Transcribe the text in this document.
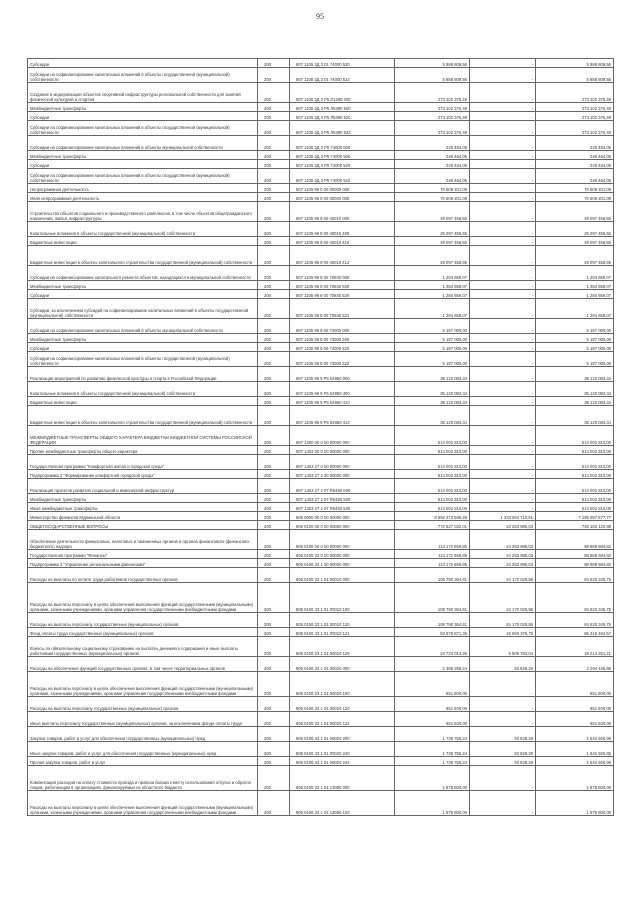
95
Субсидии	200	807 1105 2Д 3 01 74000 520	5 888 809,56	-	5 888 809,56
Субсидии на софинансирование капитальных вложений в объекты государственной (муниципальной) собственности	200	807 1105 2Д 3 01 74000 522	5 888 809,56	-	5 888 809,56
Создание и модернизация объектов спортивной инфраструктуры региональной собственности для занятий физической культурой и спортом	200	807 1105 2Д 3 Р5 Л1290 000	273 102 376,49	-	273 102 376,49
Межбюджетные трансферты	200	807 1105 2Д 3 Р5 Л5390 500	273 102 376,49	-	273 102 376,49
Субсидии	200	807 1105 2Д 3 Р5 Л5390 520	273 102 376,49	-	273 102 376,49
Субсидии на софинансирование капитальных вложений в объекты государственной (муниципальной) собственности	200	807 1105 2Д 3 Р5 Л5390 522	273 102 376,49	-	273 102 376,49
Субсидии на софинансирование капитальных вложений в объекты муниципальной собственности	200	807 1105 2Д 3 Р5 74000 000	226 484,05	-	226 484,05
Межбюджетные трансферты	200	807 1105 2Д 3 Р5 74000 500	226 484,05	-	226 484,05
Субсидии	200	807 1105 2Д 3 Р5 74000 520	226 484,05	-	226 484,05
Субсидии на софинансирование капитальных вложений в объекты государственной (муниципальной) собственности	200	807 1105 2Д 3 Р5 74000 522	226 484,05	-	226 484,05
Непрограммная деятельность	200	807 1105 99 0 00 00000 000	70 609 201,09	-	70 609 201,09
Иная непрограммная деятельность	200	807 1105 99 9 00 00000 000	70 609 201,09	-	70 609 201,09
Строительство объектов социального и производственного комплексов, в том числе объектов общегражданского назначения, жилья, инфраструктуры	200	807 1105 99 9 00 40010 000	29 097 456,65	-	29 097 456,65
Капитальные вложения в объекты государственной (муниципальной) собственности	200	807 1105 99 9 00 40010 400	29 097 456,65	-	29 097 456,65
Бюджетные инвестиции	200	807 1105 99 9 00 40010 410	29 097 456,65	-	29 097 456,65
Бюджетные инвестиции в объекты капитального строительства государственной (муниципальной) собственности	200	807 1105 99 9 00 40010 414	29 097 456,65	-	29 097 456,65
Субсидии на софинансирование капитального ремонта объектов, находящихся в муниципальной собственности	200	807 1105 99 9 00 70840 000	1 284 659,07	-	1 284 659,07
Межбюджетные трансферты	200	807 1105 99 9 00 70840 500	1 284 659,07	-	1 284 659,07
Субсидии	200	807 1105 99 9 00 70840 520	1 284 659,07	-	1 284 659,07
Субсидии, за исключением субсидий на софинансирование капитальных вложений в объекты государственной (муниципальной) собственности	200	807 1105 99 9 00 70840 521	1 284 659,07	-	1 284 659,07
Субсидии на софинансирование капитальных вложений в объекты муниципальной собственности	200	807 1105 99 9 00 74000 000	5 187 000,00	-	5 187 000,00
Межбюджетные трансферты	200	807 1105 99 9 00 74000 500	5 187 000,00	-	5 187 000,00
Субсидии	200	807 1105 99 9 00 74000 520	5 187 000,00	-	5 187 000,00
Субсидии на софинансирование капитальных вложений в объекты государственной (муниципальной) собственности	200	807 1105 99 9 00 74000 522	5 187 000,00	-	5 187 000,00
Реализация мероприятий по развитию физической культуры и спорта в Российской Федерации	200	807 1105 99 9 P5 54950 000	35 120 083,34	-	35 120 083,34
Капитальные вложения в объекты государственной (муниципальной) собственности	200	807 1105 99 9 P5 54950 400	35 120 083,34	-	35 120 083,34
Бюджетные инвестиции	200	807 1105 99 9 P5 54950 410	35 120 083,34	-	35 120 083,34
Бюджетные инвестиции в объекты капитального строительства государственной (муниципальной) собственности	200	807 1105 99 9 P5 54950 414	35 120 083,34	-	35 120 083,34
МЕЖБЮДЖЕТНЫЕ ТРАНСФЕРТЫ ОБЩЕГО ХАРАКТЕРА БЮДЖЕТАМ БЮДЖЕТНОЙ СИСТЕМЫ РОССИЙСКОЙ ФЕДЕРАЦИИ	200	807 1400 00 0 00 00000 000	514 002 810,00	-	514 002 810,00
Прочие межбюджетные трансферты общего характера	200	807 1403 00 0 00 00000 000	514 002 810,00	-	514 002 810,00
Государственная программа "Комфортная жилая и городская среда"	200	807 1403 27 0 00 00000 000	514 002 810,00	-	514 002 810,00
Подпрограмма 2 "Формирование комфортной городской среды"	200	807 1403 27 2 00 00000 000	514 002 810,00	-	514 002 810,00
Реализация проектов развития социальной и инженерной инфраструктур	200	807 1403 27 2 07 R5450 000	514 002 810,00	-	514 002 810,00
Межбюджетные трансферты	200	807 1403 27 2 07 R5450 500	514 002 810,00	-	514 002 810,00
Иные межбюджетные трансферты	200	807 1403 27 2 07 R5450 540	514 002 810,00	-	514 002 810,00
Министерство финансов Мурманской области	200	806 0000 00 0 00 00000 000	8 592 473 588,28	1 333 063 710,51	7 199 087 877,77
ОБЩЕГОСУДАРСТВЕННЫЕ ВОПРОСЫ	200	806 0100 00 0 00 00000 000	772 527 032,01	24 283 985,03	748 163 120,98
Обеспечение деятельности финансовых, налоговых и таможенных органов и органов финансового (финансово-бюджетного) надзора	200	806 0106 00 0 00 00000 000	113 172 669,85	24 283 985,03	88 888 684,82
Государственная программа "Финансы"	200	806 0106 33 0 00 00000 000	113 172 669,85	24 283 985,03	88 888 684,82
Подпрограмма 3 "Управление региональными финансами"	200	806 0106 33 1 00 00000 000	113 172 669,85	24 283 985,03	88 888 684,82
Расходы на выплаты по оплате труда работников государственных органов	200	806 0106 33 1 01 00010 000	108 790 364,61	24 170 028,86	84 620 345,75
Расходы на выплаты персоналу в целях обеспечения выполнения функций государственными (муниципальными) органами, казенными учреждениями, органами управления государственными внебюджетными фондами	200	806 0106 33 1 01 00010 100	108 790 364,61	24 170 028,86	84 620 345,75
Расходы на выплаты персоналу государственных (муниципальных) органов	200	806 0106 33 1 01 00010 120	108 790 364,61	24 170 028,86	84 620 345,75
Фонд оплаты труда государственных (муниципальных) органов	200	806 0106 33 1 01 00010 121	83 976 871,36	18 660 376,79	65 316 494,57
Взносы по обязательному социальному страхованию на выплаты денежного содержания и иные выплаты работникам государственных (муниципальных) органов	200	806 0106 33 1 01 00010 129	24 724 013,25	5 509 762,04	19 214 251,21
Расходы на обеспечение функций государственных органов, в том числе территориальных органов	200	806 0106 33 1 01 00020 000	2 388 255,24	93 828,29	2 294 426,95
Расходы на выплаты персоналу в целях обеспечения выполнения функций государственными (муниципальными) органами, казенными учреждениями, органами управления государственными внебюджетными фондами	200	806 0106 33 1 01 00020 100	651 500,00	-	651 500,00
Расходы на выплаты персоналу государственных (муниципальных) органов	200	806 0106 33 1 01 00020 120	651 500,00	-	651 500,00
Иные выплаты персоналу государственных (муниципальных) органов, за исключением фонда оплаты труда	200	806 0106 33 1 01 00020 122	651 500,00	-	651 500,00
Закупка товаров, работ и услуг для обеспечения государственных (муниципальных) нужд	200	806 0106 33 1 01 00020 200	1 736 755,24	93 828,29	1 642 926,95
Иные закупки товаров, работ и услуг для обеспечения государственных (муниципальных) нужд	200	806 0106 33 1 01 00020 240	1 736 755,24	93 828,29	1 642 926,95
Прочая закупка товаров, работ и услуг	200	806 0106 33 1 01 00020 244	1 736 755,24	93 828,29	1 642 926,95
Компенсация расходов на оплату стоимости проезда и провоза багажа к месту использования отпуска и обратно лицам, работающим в организациях, финансируемых из областного бюджета	200	806 0106 33 1 01 13080 000	1 875 600,00	-	1 875 600,00
Расходы на выплаты персоналу в целях обеспечения выполнения функций государственными (муниципальными) органами, казенными учреждениями, органами управления государственными внебюджетными фондами	200	806 0106 33 1 01 13080 100	1 875 600,00	-	1 875 600,00
